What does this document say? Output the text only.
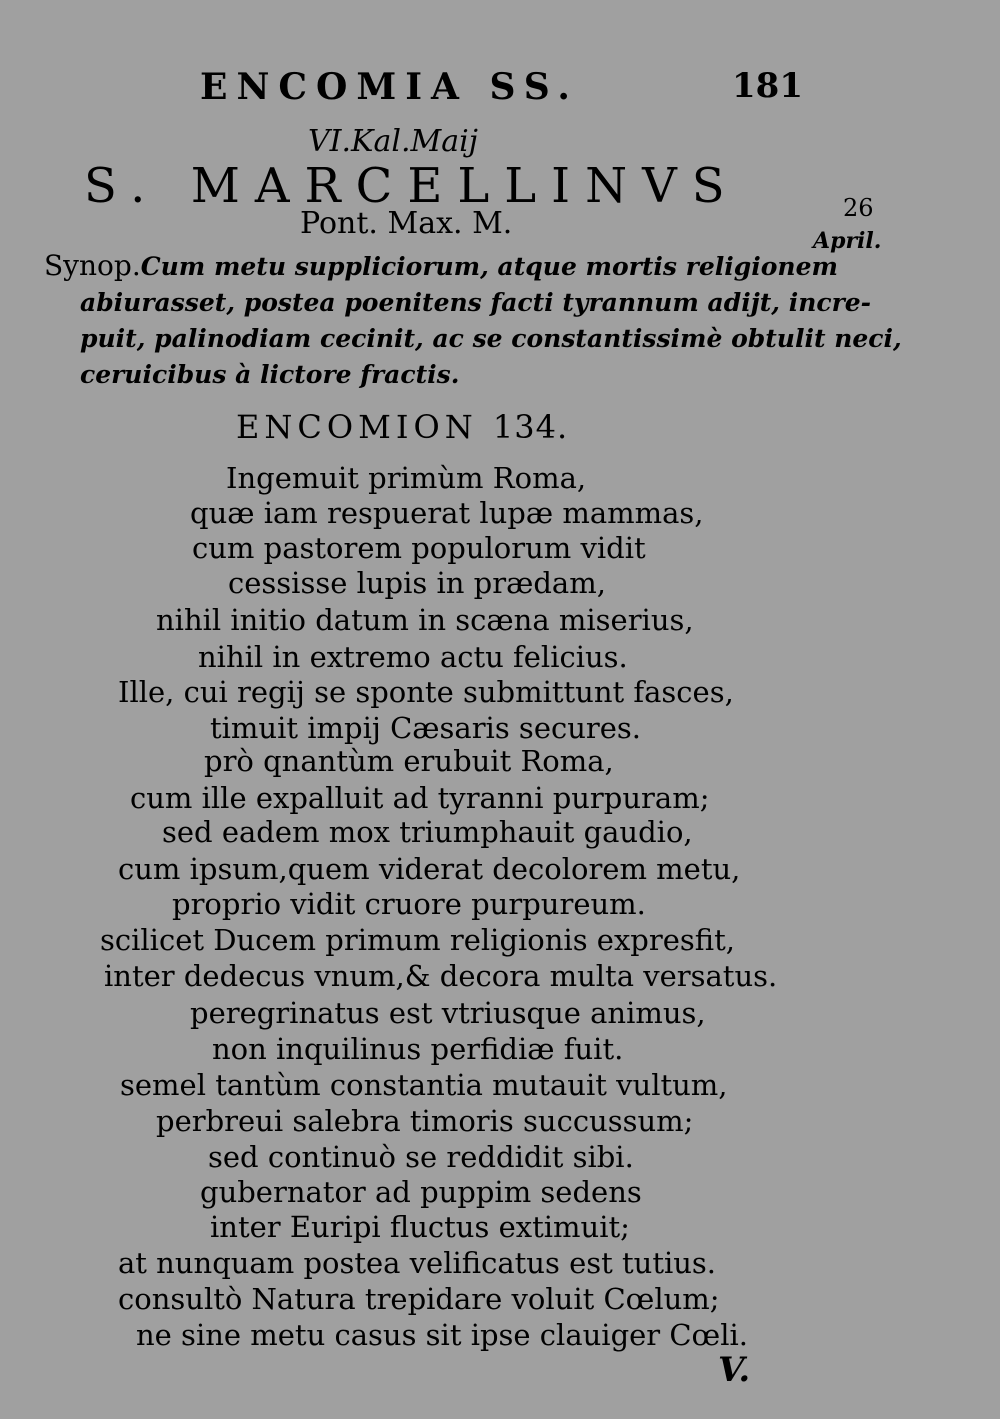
ENCOMIA SS.	181
VI.Kal.Maij
S. MARCELLINVS
Pont. Max. M.	26
April.
Synop.Cum metu suppliciorum, atque mortis religionem
abiurasset, postea poenitens facti tyrannum adijt, incre-
puit, palinodiam cecinit, ac se constantissimè obtulit neci,
ceruicibus à lictore fractis.
ENCOMION 134.
Ingemuit primùm Roma,
quæ iam respuerat lupæ mammas,
cum pastorem populorum vidit
cessisse lupis in prædam,
nihil initio datum in scæna miserius,
nihil in extremo actu felicius.
Ille, cui regij se sponte submittunt fasces,
timuit impij Cæsaris secures.
prò qnantùm erubuit Roma,
cum ille expalluit ad tyranni purpuram;
sed eadem mox triumphauit gaudio,
cum ipsum,quem viderat decolorem metu,
proprio vidit cruore purpureum.
scilicet Ducem primum religionis expresfit,
inter dedecus vnum,& decora multa versatus.
peregrinatus est vtriusque animus,
non inquilinus perfidiæ fuit.
semel tantùm constantia mutauit vultum,
perbreui salebra timoris succussum;
sed continuò se reddidit sibi.
gubernator ad puppim sedens
inter Euripi fluctus extimuit;
at nunquam postea velificatus est tutius.
consultò Natura trepidare voluit Cœlum;
ne sine metu casus sit ipse clauiger Cœli.
V.
